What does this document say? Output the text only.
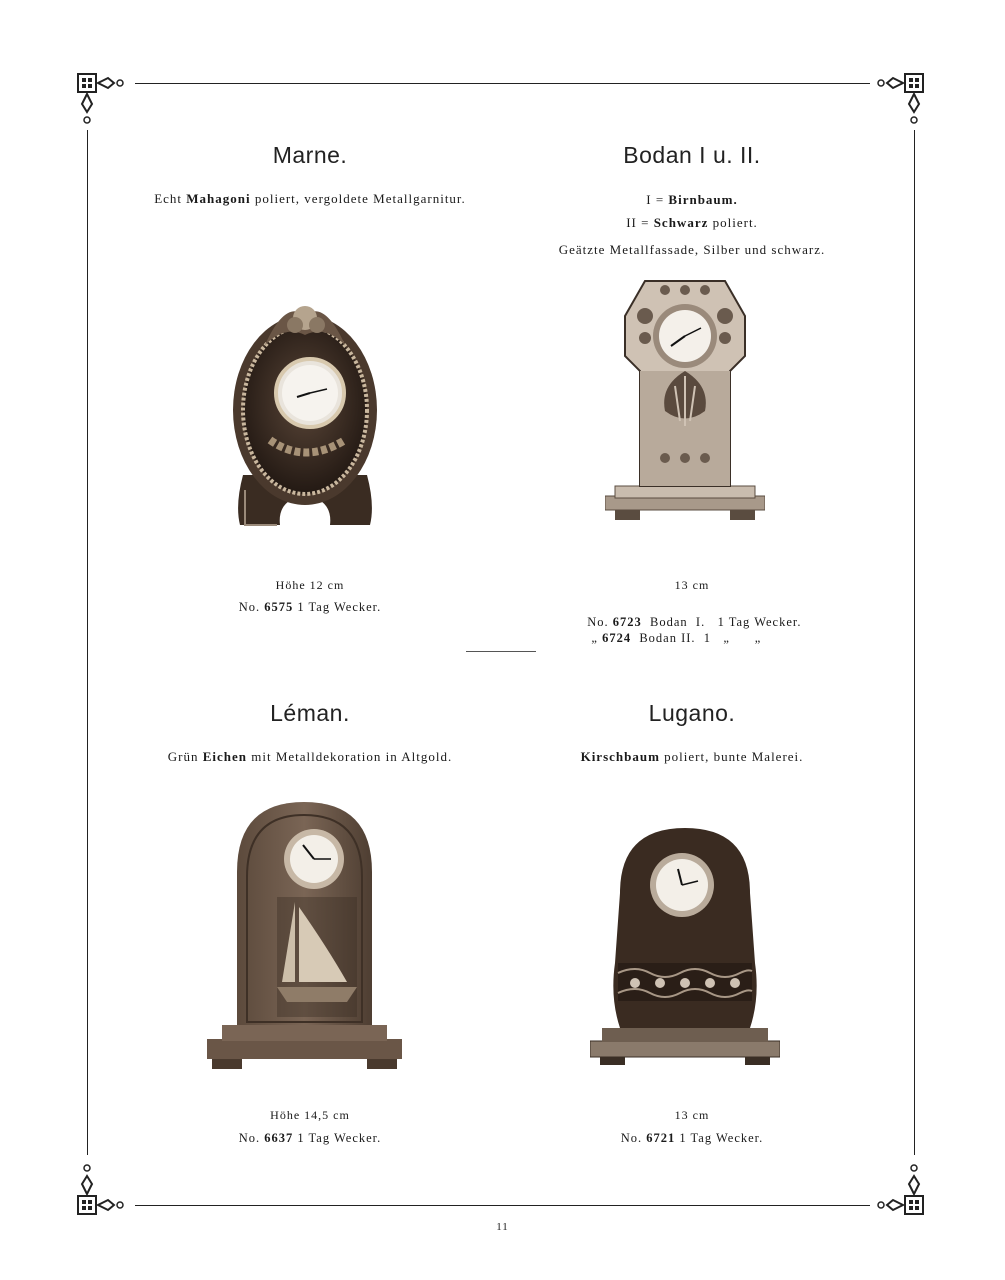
Marne.
Echt Mahagoni poliert, vergoldete Metallgarnitur.
Höhe 12 cm
No. 6575 1 Tag Wecker.
Bodan I u. II.
I = Birnbaum.
II = Schwarz poliert.
Geätzte Metallfassade, Silber und schwarz.
13 cm

No. 6723  Bodan  I.   1 Tag Wecker.

„ 6724  Bodan II.  1   „      „

Léman.
Grün Eichen mit Metalldekoration in Altgold.
Höhe 14,5 cm
No. 6637 1 Tag Wecker.
Lugano.
Kirschbaum poliert, bunte Malerei.
13 cm
No. 6721 1 Tag Wecker.
11
